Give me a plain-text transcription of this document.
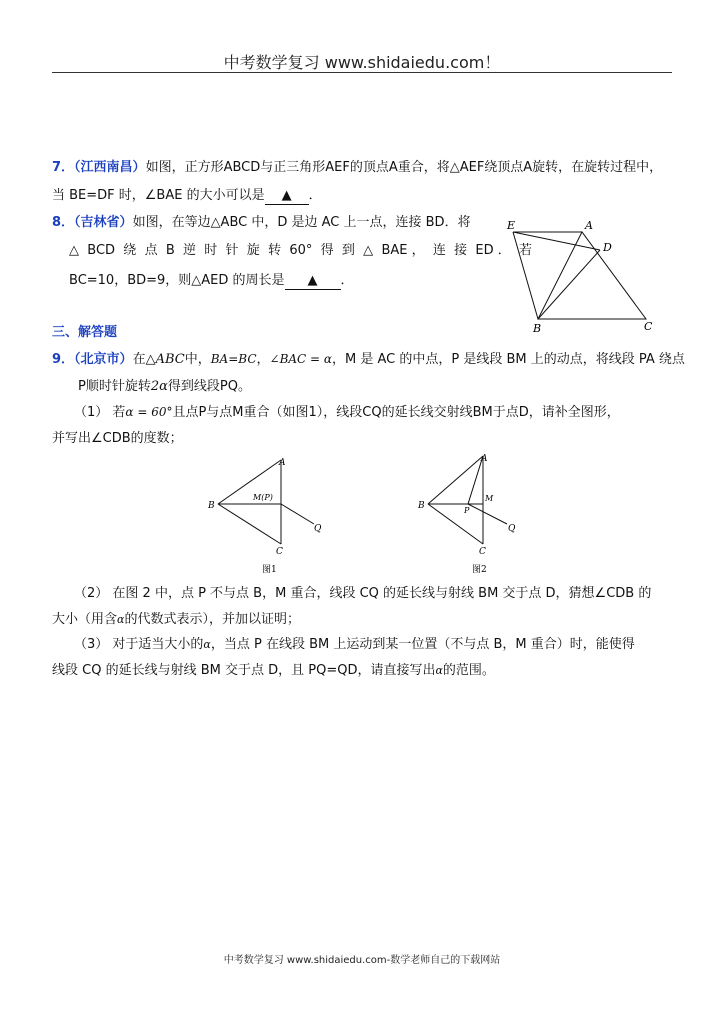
中考数学复习 www.shidaiedu.com！
7．（江西南昌）如图，正方形ABCD与正三角形AEF的顶点A重合，将△AEF绕顶点A旋转，在旋转过程中，
当 BE=DF 时，∠BAE 的大小可以是 ▲ ．
8．（吉林省）如图，在等边△ABC 中，D 是边 AC 上一点，连接 BD．将
△  BCD  绕  点  B  逆  时  针  旋  转  60°  得  到  △  BAE ，  连  接  ED ．  若
BC=10，BD=9，则△AED 的周长是 ▲ ．
E	A
D
B	C
三、解答题
9．（北京市）在△ABC中，BA=BC，∠BAC = α，M 是 AC 的中点，P 是线段 BM 上的动点，将线段 PA 绕点
P顺时针旋转2α得到线段PQ。
（1） 若α = 60°且点P与点M重合（如图1），线段CQ的延长线交射线BM于点D，请补全图形，
并写出∠CDB的度数；
A
B
M(P)
Q
C
图1
A
B
M
P
Q
C
图2
（2） 在图 2 中，点 P 不与点 B，M 重合，线段 CQ 的延长线与射线 BM 交于点 D，猜想∠CDB 的
大小（用含α的代数式表示），并加以证明；
（3） 对于适当大小的α，当点 P 在线段 BM 上运动到某一位置（不与点 B，M 重合）时，能使得
线段 CQ 的延长线与射线 BM 交于点 D，且 PQ=QD，请直接写出α的范围。
中考数学复习 www.shidaiedu.com-数学老师自己的下载网站
